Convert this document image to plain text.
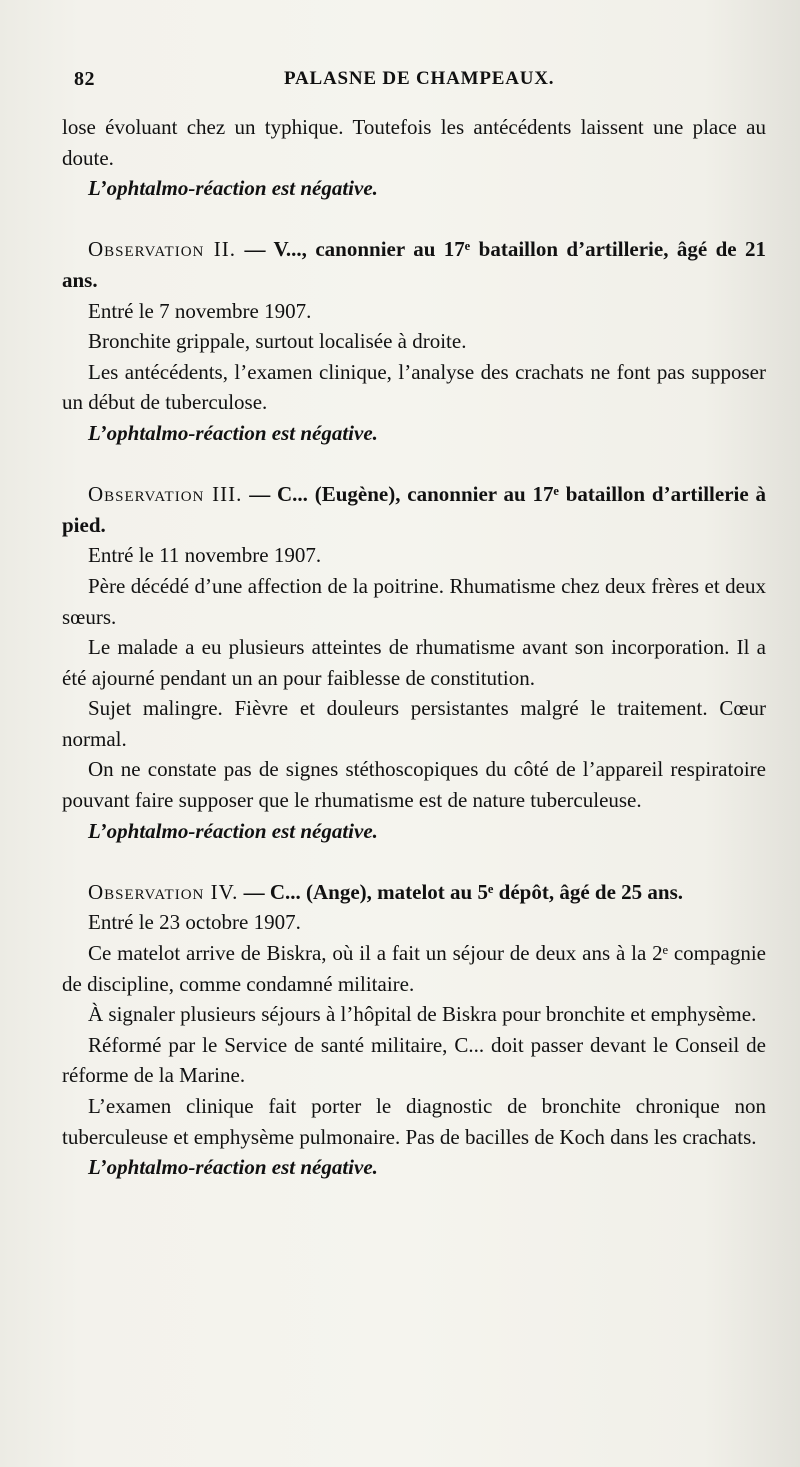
82	PALASNE DE CHAMPEAUX.

lose évoluant chez un typhique. Toutefois les antécédents laissent une place au doute.

L’ophtalmo-réaction est négative.

Observation II. — V..., canonnier au 17ᵉ bataillon d’artillerie, âgé de 21 ans.

Entré le 7 novembre 1907.

Bronchite grippale, surtout localisée à droite.

Les antécédents, l’examen clinique, l’analyse des crachats ne font pas supposer un début de tuberculose.

L’ophtalmo-réaction est négative.

Observation III. — C... (Eugène), canonnier au 17ᵉ bataillon d’artillerie à pied.

Entré le 11 novembre 1907.

Père décédé d’une affection de la poitrine. Rhumatisme chez deux frères et deux sœurs.

Le malade a eu plusieurs atteintes de rhumatisme avant son incorporation. Il a été ajourné pendant un an pour faiblesse de constitution.

Sujet malingre. Fièvre et douleurs persistantes malgré le traitement. Cœur normal.

On ne constate pas de signes stéthoscopiques du côté de l’appareil respiratoire pouvant faire supposer que le rhumatisme est de nature tuberculeuse.

L’ophtalmo-réaction est négative.

Observation IV. — C... (Ange), matelot au 5ᵉ dépôt, âgé de 25 ans.

Entré le 23 octobre 1907.

Ce matelot arrive de Biskra, où il a fait un séjour de deux ans à la 2ᵉ compagnie de discipline, comme condamné militaire.

À signaler plusieurs séjours à l’hôpital de Biskra pour bronchite et emphysème.

Réformé par le Service de santé militaire, C... doit passer devant le Conseil de réforme de la Marine.

L’examen clinique fait porter le diagnostic de bronchite chronique non tuberculeuse et emphysème pulmonaire. Pas de bacilles de Koch dans les crachats.

L’ophtalmo-réaction est négative.
